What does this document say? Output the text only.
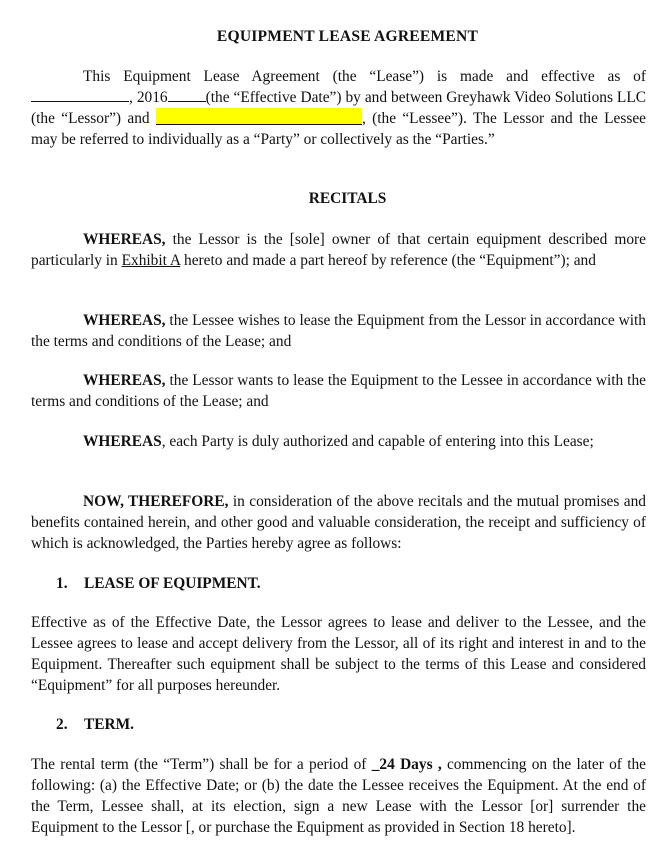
EQUIPMENT LEASE AGREEMENT

This Equipment Lease Agreement (the “Lease”) is made and effective as of , 2016 (the “Effective Date”) by and between Greyhawk Video Solutions LLC (the “Lessor”) and	, (the “Lessee”). The Lessor and the Lessee may be referred to individually as a “Party” or collectively as the “Parties.”

RECITALS

WHEREAS, the Lessor is the [sole] owner of that certain equipment described more particularly in Exhibit A hereto and made a part hereof by reference (the “Equipment”); and

WHEREAS, the Lessee wishes to lease the Equipment from the Lessor in accordance with the terms and conditions of the Lease; and

WHEREAS, the Lessor wants to lease the Equipment to the Lessee in accordance with the terms and conditions of the Lease; and

WHEREAS, each Party is duly authorized and capable of entering into this Lease;

NOW, THEREFORE, in consideration of the above recitals and the mutual promises and benefits contained herein, and other good and valuable consideration, the receipt and sufficiency of which is acknowledged, the Parties hereby agree as follows:

1. LEASE OF EQUIPMENT.

Effective as of the Effective Date, the Lessor agrees to lease and deliver to the Lessee, and the Lessee agrees to lease and accept delivery from the Lessor, all of its right and interest in and to the Equipment. Thereafter such equipment shall be subject to the terms of this Lease and considered “Equipment” for all purposes hereunder.

2. TERM.

The rental term (the “Term”) shall be for a period of _24 Days , commencing on the later of the following: (a) the Effective Date; or (b) the date the Lessee receives the Equipment. At the end of the Term, Lessee shall, at its election, sign a new Lease with the Lessor [or] surrender the Equipment to the Lessor [, or purchase the Equipment as provided in Section 18 hereto].
